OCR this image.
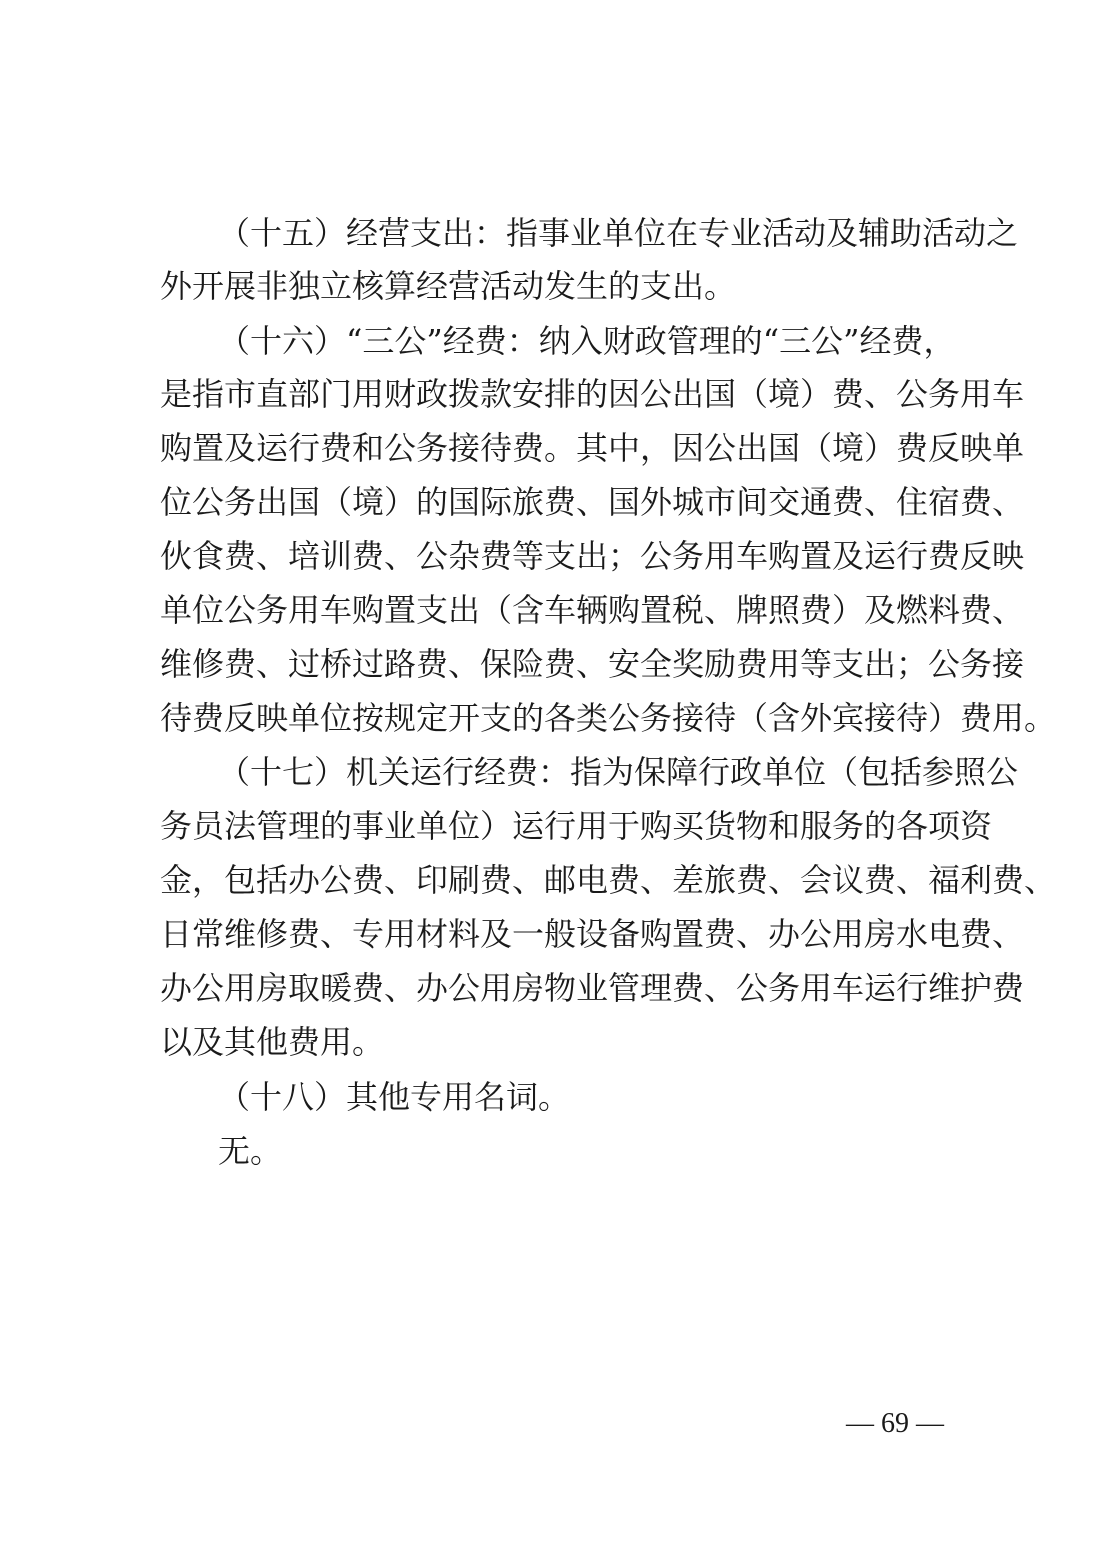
（十五）经营支出：指事业单位在专业活动及辅助活动之
外开展非独立核算经营活动发生的支出。
（十六）“三公”经费：纳入财政管理的“三公”经费，
是指市直部门用财政拨款安排的因公出国（境）费、公务用车
购置及运行费和公务接待费。其中，因公出国（境）费反映单
位公务出国（境）的国际旅费、国外城市间交通费、住宿费、
伙食费、培训费、公杂费等支出；公务用车购置及运行费反映
单位公务用车购置支出（含车辆购置税、牌照费）及燃料费、
维修费、过桥过路费、保险费、安全奖励费用等支出；公务接
待费反映单位按规定开支的各类公务接待（含外宾接待）费用。
（十七）机关运行经费：指为保障行政单位（包括参照公
务员法管理的事业单位）运行用于购买货物和服务的各项资
金，包括办公费、印刷费、邮电费、差旅费、会议费、福利费、
日常维修费、专用材料及一般设备购置费、办公用房水电费、
办公用房取暖费、办公用房物业管理费、公务用车运行维护费
以及其他费用。
（十八）其他专用名词。
无。
— 69 —
